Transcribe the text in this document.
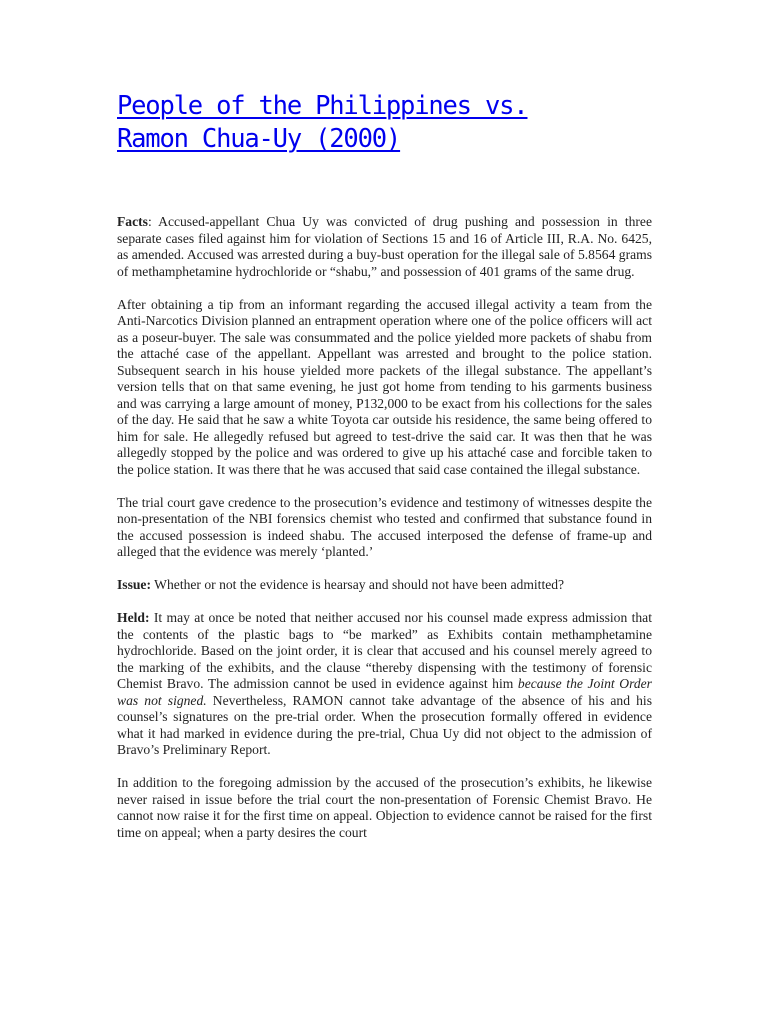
People of the Philippines vs.
Ramon Chua-Uy (2000)

Facts: Accused-appellant Chua Uy was convicted of drug pushing and possession in three separate cases filed against him for violation of Sections 15 and 16 of Article III, R.A. No. 6425, as amended. Accused was arrested during a buy-bust operation for the illegal sale of 5.8564 grams of methamphetamine hydrochloride or “shabu,” and possession of 401 grams of the same drug.

After obtaining a tip from an informant regarding the accused illegal activity a team from the Anti-Narcotics Division planned an entrapment operation where one of the police officers will act as a poseur-buyer. The sale was consummated and the police yielded more packets of shabu from the attaché case of the appellant. Appellant was arrested and brought to the police station. Subsequent search in his house yielded more packets of the illegal substance. The appellant’s version tells that on that same evening, he just got home from tending to his garments business and was carrying a large amount of money, P132,000 to be exact from his collections for the sales of the day. He said that he saw a white Toyota car outside his residence, the same being offered to him for sale. He allegedly refused but agreed to test-drive the said car. It was then that he was allegedly stopped by the police and was ordered to give up his attaché case and forcible taken to the police station. It was there that he was accused that said case contained the illegal substance.

The trial court gave credence to the prosecution’s evidence and testimony of witnesses despite the non-presentation of the NBI forensics chemist who tested and confirmed that substance found in the accused possession is indeed shabu. The accused interposed the defense of frame-up and alleged that the evidence was merely ‘planted.’

Issue: Whether or not the evidence is hearsay and should not have been admitted?

Held: It may at once be noted that neither accused nor his counsel made express admission that the contents of the plastic bags to “be marked” as Exhibits contain methamphetamine hydrochloride. Based on the joint order, it is clear that accused and his counsel merely agreed to the marking of the exhibits, and the clause “thereby dispensing with the testimony of forensic Chemist Bravo. The admission cannot be used in evidence against him because the Joint Order was not signed. Nevertheless, RAMON cannot take advantage of the absence of his and his counsel’s signatures on the pre-trial order. When the prosecution formally offered in evidence what it had marked in evidence during the pre-trial, Chua Uy did not object to the admission of Bravo’s Preliminary Report.

In addition to the foregoing admission by the accused of the prosecution’s exhibits, he likewise never raised in issue before the trial court the non-presentation of Forensic Chemist Bravo. He cannot now raise it for the first time on appeal. Objection to evidence cannot be raised for the first time on appeal; when a party desires the court
